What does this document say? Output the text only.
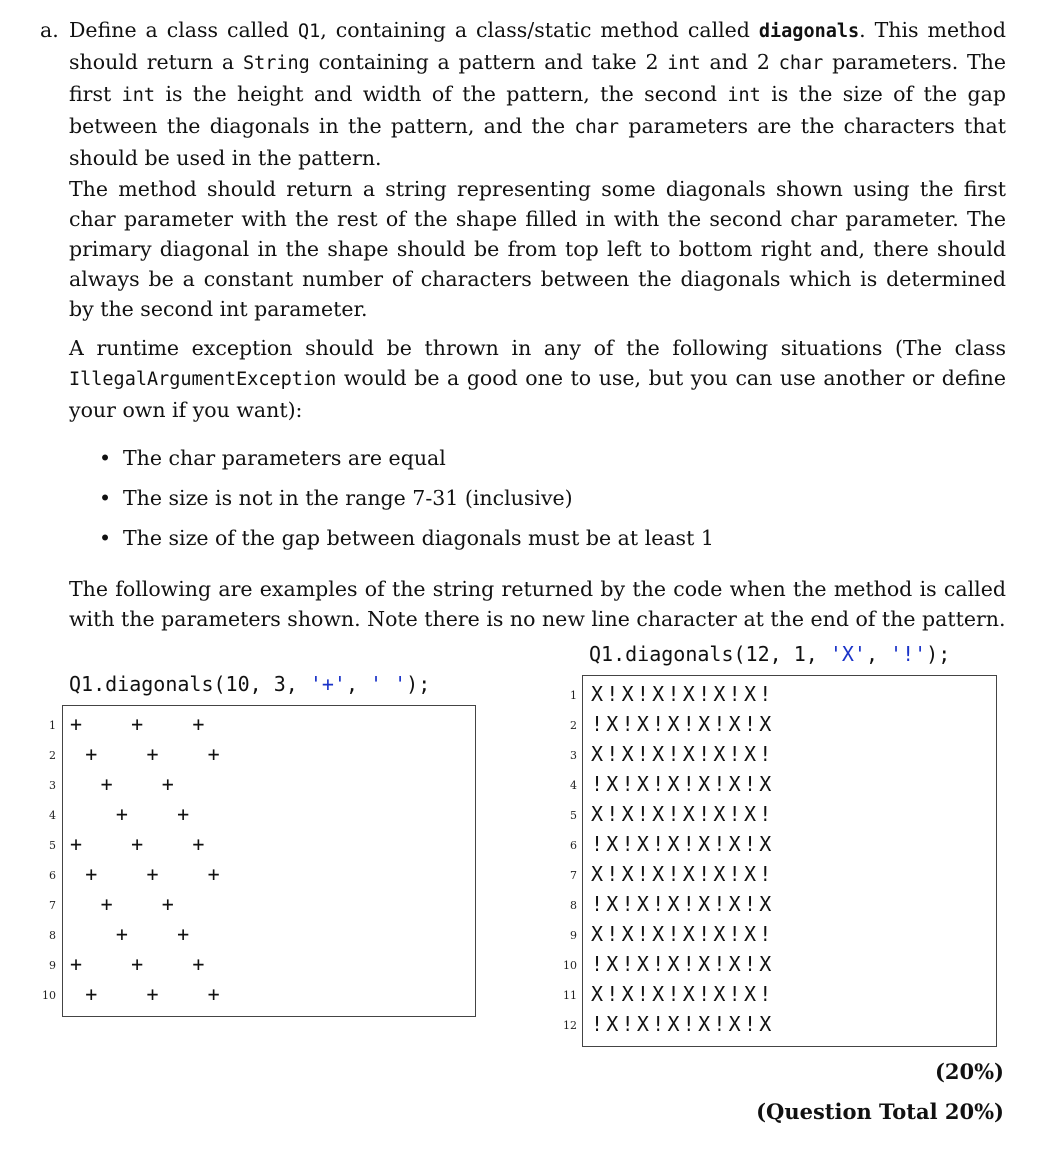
a. Define a class called Q1, containing a class/static method called diagonals. This method should return a String containing a pattern and take 2 int and 2 char parameters. The first int is the height and width of the pattern, the second int is the size of the gap between the diagonals in the pattern, and the char parameters are the characters that should be used in the pattern.

The method should return a string representing some diagonals shown using the first char parameter with the rest of the shape filled in with the second char parameter. The primary diagonal in the shape should be from top left to bottom right and, there should always be a constant number of characters between the diagonals which is determined by the second int parameter.

A runtime exception should be thrown in any of the following situations (The class IllegalArgumentException would be a good one to use, but you can use another or define your own if you want):

• The char parameters are equal
• The size is not in the range 7-31 (inclusive)
• The size of the gap between diagonals must be at least 1

The following are examples of the string returned by the code when the method is called with the parameters shown. Note there is no new line character at the end of the pattern.

Q1.diagonals(12, 1, 'X', '!');
Q1.diagonals(10, 3, '+', ' ');
1 + + +
2 + + +
3 + +
4	+ +
5 + + +
6 + + +
7 + +
8	+ +
9 + + +
10 + + +
1 X ! X ! X ! X ! X ! X !
2 ! X ! X ! X ! X ! X ! X
3 X ! X ! X ! X ! X ! X !
4 ! X ! X ! X ! X ! X ! X
5 X ! X ! X ! X ! X ! X !
6 ! X ! X ! X ! X ! X ! X
7 X ! X ! X ! X ! X ! X !
8 ! X ! X ! X ! X ! X ! X
9 X ! X ! X ! X ! X ! X !
10 ! X ! X ! X ! X ! X ! X
11 X ! X ! X ! X ! X ! X !
12 ! X ! X ! X ! X ! X ! X
(20%)
(Question Total 20%)
